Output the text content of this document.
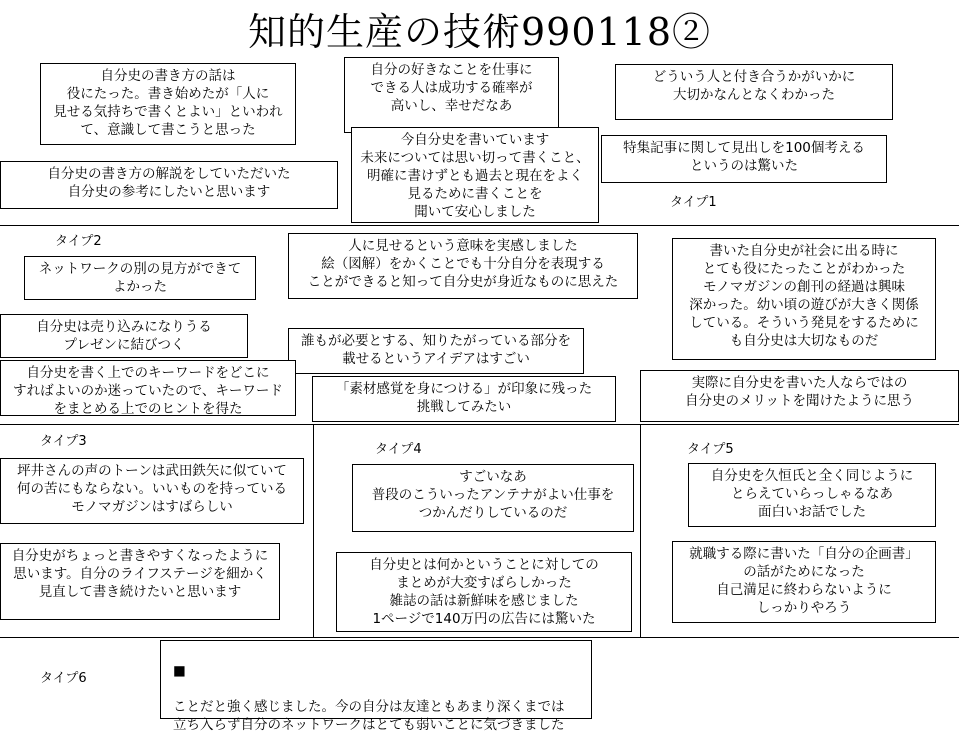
知的生産の技術990118②
タイプ1
タイプ2
タイプ3
タイプ4	タイプ5
タイプ6
自分史の書き方の話は
役にたった。書き始めたが「人に
見せる気持ちで書くとよい」といわれ
て、意識して書こうと思った
自分の好きなことを仕事に
できる人は成功する確率が
高いし、幸せだなあ
どういう人と付き合うかがいかに
大切かなんとなくわかった
今自分史を書いています
未来については思い切って書くこと、
明確に書けずとも過去と現在をよく
見るために書くことを
聞いて安心しました
特集記事に関して見出しを100個考える
というのは驚いた
自分史の書き方の解説をしていただいた
自分史の参考にしたいと思います
ネットワークの別の見方ができて
よかった
人に見せるという意味を実感しました
絵（図解）をかくことでも十分自分を表現する
ことができると知って自分史が身近なものに思えた
書いた自分史が社会に出る時に
とても役にたったことがわかった
モノマガジンの創刊の経過は興味
深かった。幼い頃の遊びが大きく関係
している。そういう発見をするために
も自分史は大切なものだ
自分史は売り込みになりうる
プレゼンに結びつく	誰もが必要とする、知りたがっている部分を
載せるというアイデアはすごい
自分史を書く上でのキーワードをどこに
すればよいのか迷っていたので、キーワード
をまとめる上でのヒントを得た
「素材感覚を身につける」が印象に残った
挑戦してみたい
実際に自分史を書いた人ならではの
自分史のメリットを聞けたように思う
坪井さんの声のトーンは武田鉄矢に似ていて
何の苦にもならない。いいものを持っている
モノマガジンはすばらしい
すごいなあ
普段のこういったアンテナがよい仕事を
つかんだりしているのだ
自分史を久恒氏と全く同じように
とらえていらっしゃるなあ
面白いお話でした
自分史がちょっと書きやすくなったように
思います。自分のライフステージを細かく
見直して書き続けたいと思います
自分史とは何かということに対しての
まとめが大変すばらしかった
雑誌の話は新鮮味を感じました
1ページで140万円の広告には驚いた
就職する際に書いた「自分の企画書」
の話がためになった
自己満足に終わらないように
しっかりやろう

■

ことだと強く感じました。今の自分は友達ともあまり深くまでは
立ち入らず自分のネットワークはとても弱いことに気づきました
